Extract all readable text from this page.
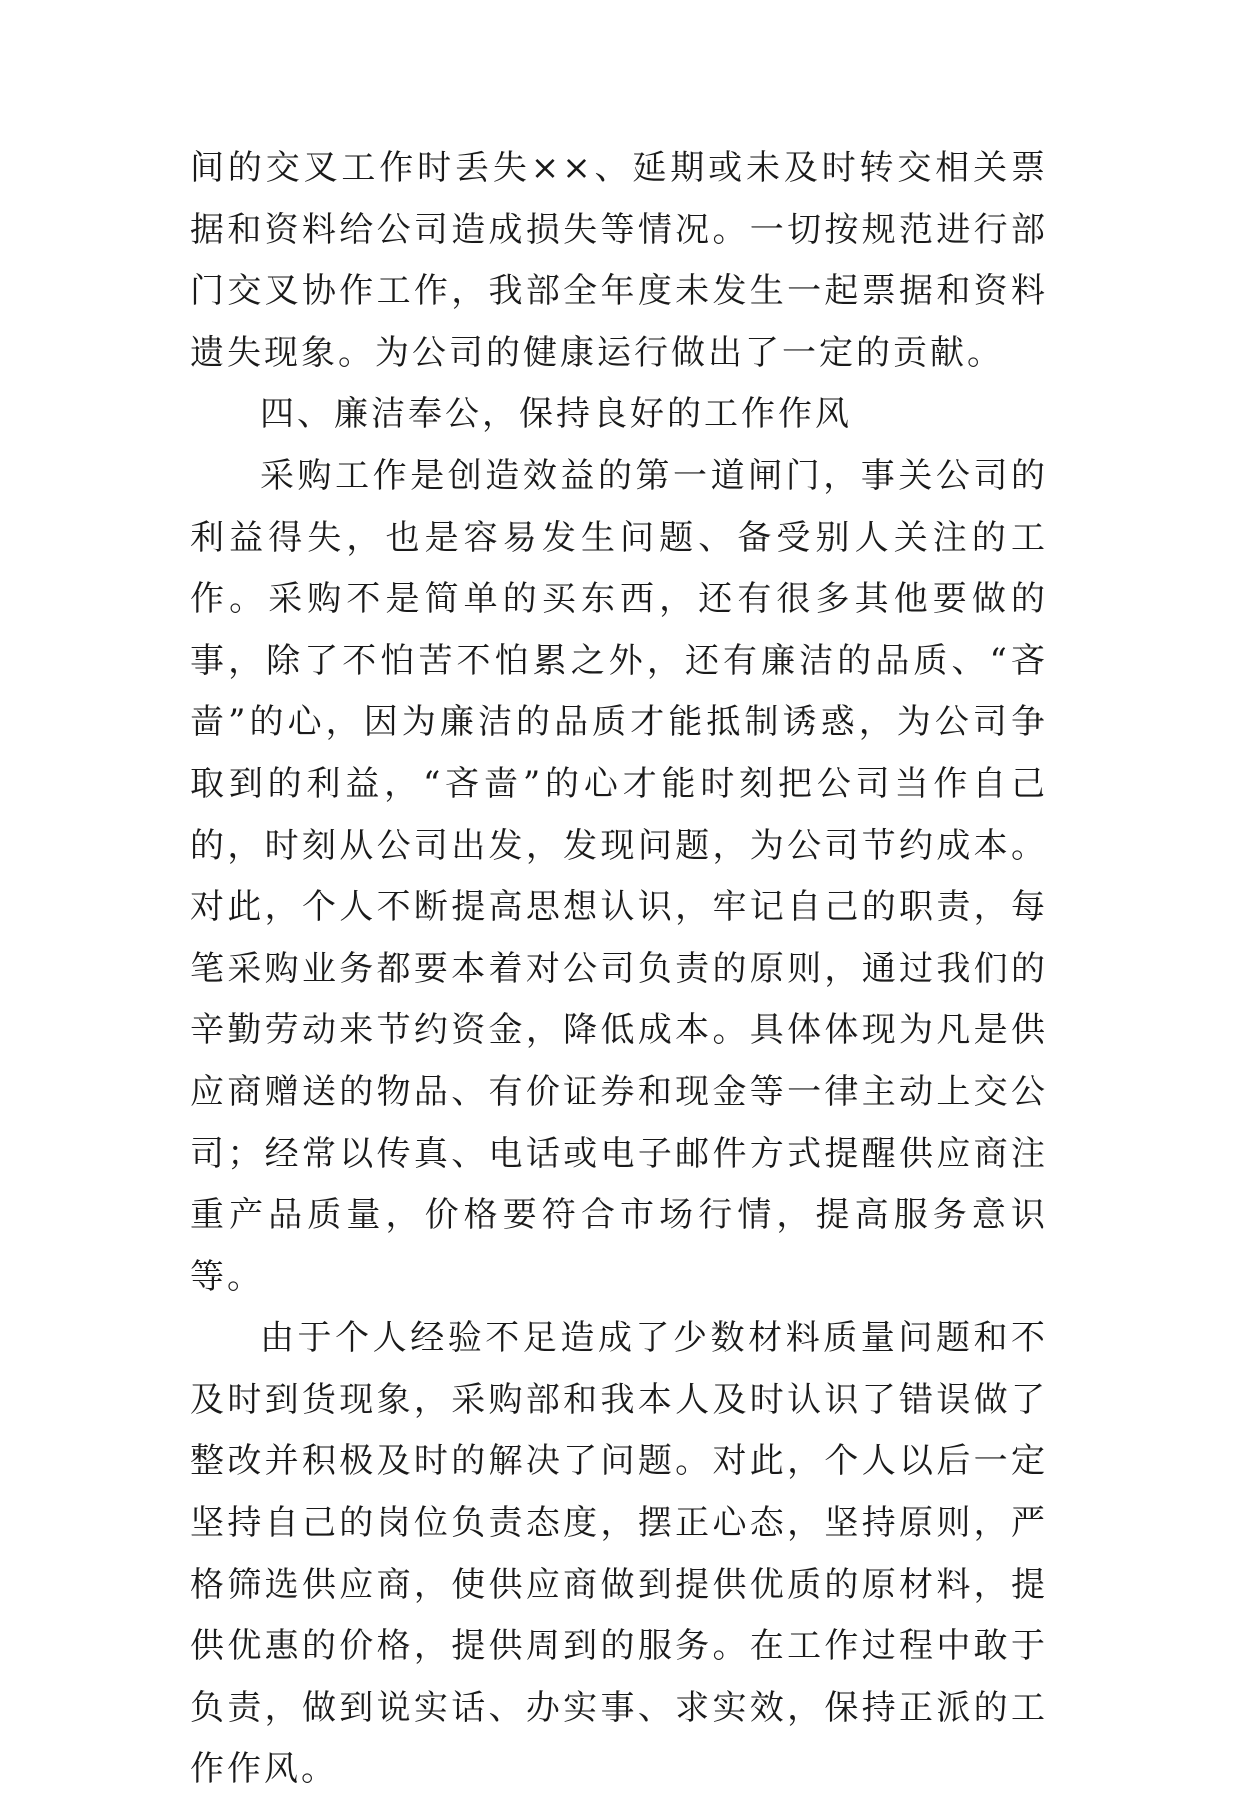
间的交叉工作时丢失××、延期或未及时转交相关票据和资料给公司造成损失等情况。一切按规范进行部门交叉协作工作，我部全年度未发生一起票据和资料遗失现象。为公司的健康运行做出了一定的贡献。

四、廉洁奉公，保持良好的工作作风

采购工作是创造效益的第一道闸门，事关公司的利益得失，也是容易发生问题、备受别人关注的工作。采购不是简单的买东西，还有很多其他要做的事，除了不怕苦不怕累之外，还有廉洁的品质、“吝啬”的心，因为廉洁的品质才能抵制诱惑，为公司争取到的利益，“吝啬”的心才能时刻把公司当作自己的，时刻从公司出发，发现问题，为公司节约成本。对此，个人不断提高思想认识，牢记自己的职责，每笔采购业务都要本着对公司负责的原则，通过我们的辛勤劳动来节约资金，降低成本。具体体现为凡是供应商赠送的物品、有价证券和现金等一律主动上交公司；经常以传真、电话或电子邮件方式提醒供应商注重产品质量，价格要符合市场行情，提高服务意识等。

由于个人经验不足造成了少数材料质量问题和不及时到货现象，采购部和我本人及时认识了错误做了整改并积极及时的解决了问题。对此，个人以后一定坚持自己的岗位负责态度，摆正心态，坚持原则，严格筛选供应商，使供应商做到提供优质的原材料，提供优惠的价格，提供周到的服务。在工作过程中敢于负责，做到说实话、办实事、求实效，保持正派的工作作风。
